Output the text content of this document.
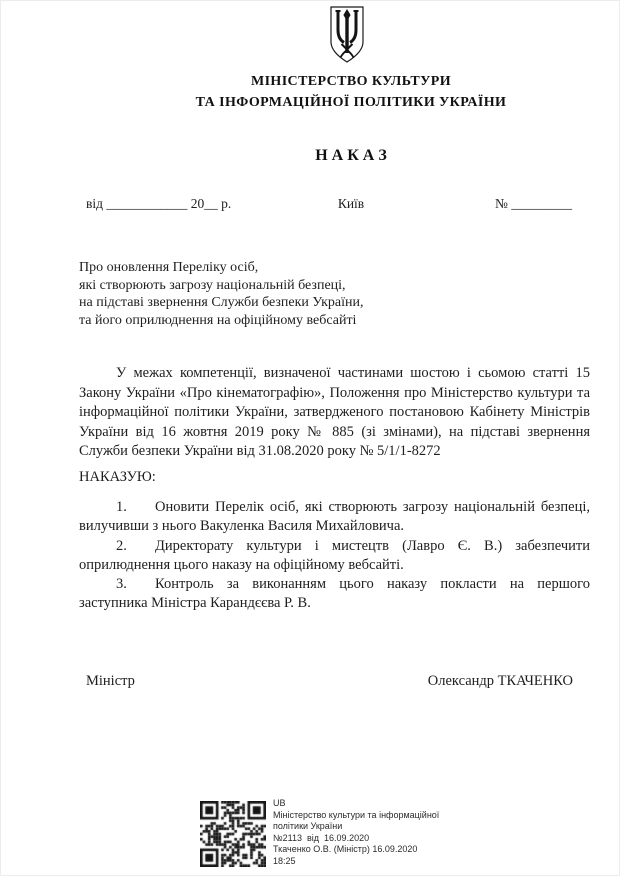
МІНІСТЕРСТВО КУЛЬТУРИ
ТА ІНФОРМАЦІЙНОЇ ПОЛІТИКИ УКРАЇНИ
Н А К А З
від ____________ 20__ р.	Київ	№ _________
Про оновлення Переліку осіб,
які створюють загрозу національній безпеці,
на підставі звернення Служби безпеки України,
та його оприлюднення на офіційному вебсайті

У межах компетенції, визначеної частинами шостою і сьомою статті 15 Закону України «Про кінематографію», Положення про Міністерство культури та інформаційної політики України, затвердженого постановою Кабінету Міністрів України від 16 жовтня 2019 року № 885 (зі змінами), на підставі звернення Служби безпеки України від 31.08.2020 року № 5/1/1-8272

НАКАЗУЮ:

1. Оновити Перелік осіб, які створюють загрозу національній безпеці, вилучивши з нього Вакуленка Василя Михайловича.

2. Директорату культури і мистецтв (Лавро Є. В.) забезпечити оприлюднення цього наказу на офіційному вебсайті.

3. Контроль за виконанням цього наказу покласти на першого заступника Міністра Карандєєва Р. В.

Міністр	Олександр ТКАЧЕНКО
UB
Міністерство культури та інформаційної
політики України
№2113  від  16.09.2020
Ткаченко О.В. (Міністр) 16.09.2020
18:25
